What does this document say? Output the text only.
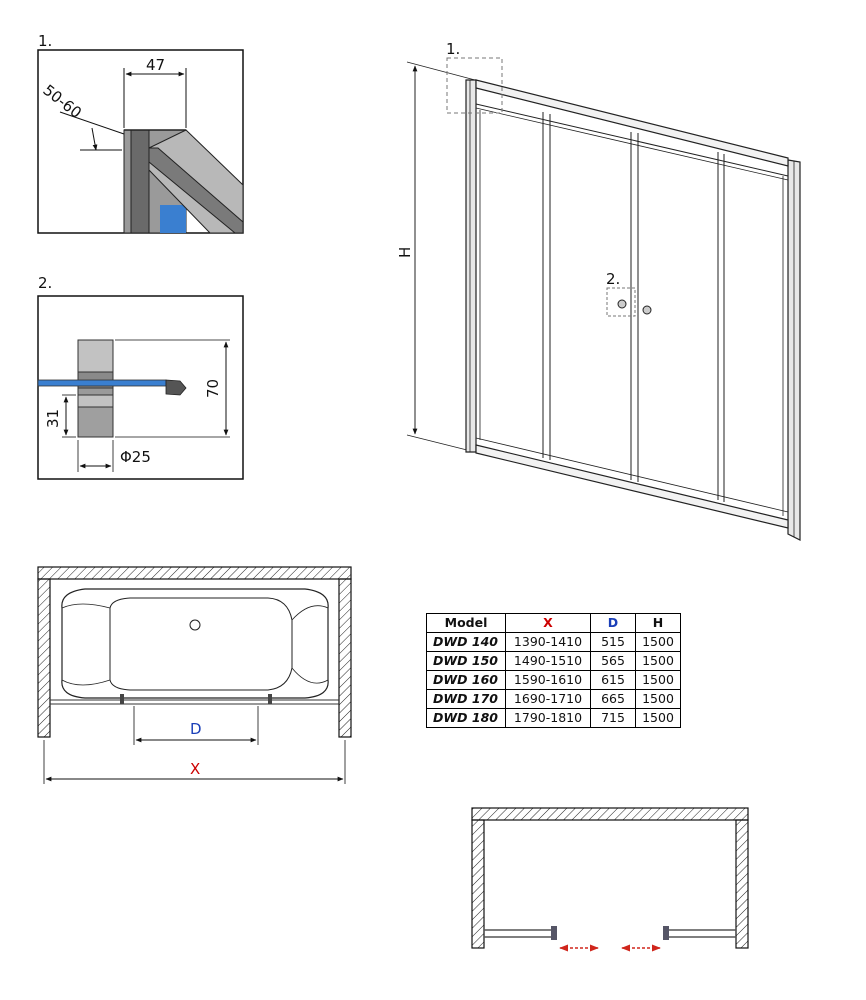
1.
47
50-60
2.
70
31
Φ25
H
1.
2.
D
X
Model	X	D	H
DWD 140	1390-1410	515	1500
DWD 150	1490-1510	565	1500
DWD 160	1590-1610	615	1500
DWD 170	1690-1710	665	1500
DWD 180	1790-1810	715	1500
